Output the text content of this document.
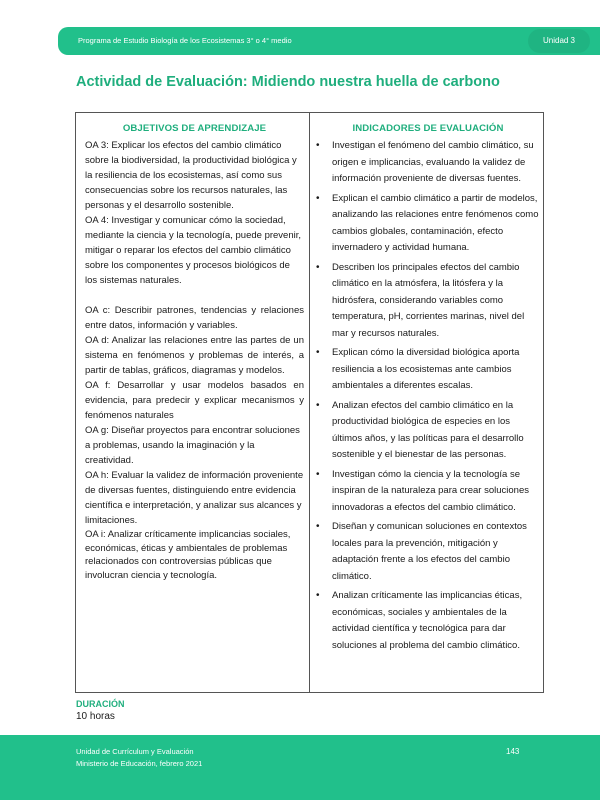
Programa de Estudio Biología de los Ecosistemas 3° o 4° medio	Unidad 3
Actividad de Evaluación: Midiendo nuestra huella de carbono
OBJETIVOS DE APRENDIZAJE

OA 3: Explicar los efectos del cambio climático sobre la biodiversidad, la productividad biológica y la resiliencia de los ecosistemas, así como sus consecuencias sobre los recursos naturales, las personas y el desarrollo sostenible.

OA 4: Investigar y comunicar cómo la sociedad, mediante la ciencia y la tecnología, puede prevenir, mitigar o reparar los efectos del cambio climático sobre los componentes y procesos biológicos de los sistemas naturales.

OA c: Describir patrones, tendencias y relaciones entre datos, información y variables.

OA d: Analizar las relaciones entre las partes de un sistema en fenómenos y problemas de interés, a partir de tablas, gráficos, diagramas y modelos.

OA f: Desarrollar y usar modelos basados en evidencia, para predecir y explicar mecanismos y fenómenos naturales

OA g: Diseñar proyectos para encontrar soluciones a problemas, usando la imaginación y la creatividad.

OA h: Evaluar la validez de información proveniente de diversas fuentes, distinguiendo entre evidencia científica e interpretación, y analizar sus alcances y limitaciones.

OA i: Analizar críticamente implicancias sociales, económicas, éticas y ambientales de problemas relacionados con controversias públicas que involucran ciencia y tecnología.

INDICADORES DE EVALUACIÓN
• Investigan el fenómeno del cambio climático, su origen e implicancias, evaluando la validez de información proveniente de diversas fuentes.
• Explican el cambio climático a partir de modelos, analizando las relaciones entre fenómenos como cambios globales, contaminación, efecto invernadero y actividad humana.
• Describen los principales efectos del cambio climático en la atmósfera, la litósfera y la hidrósfera, considerando variables como temperatura, pH, corrientes marinas, nivel del mar y recursos naturales.
• Explican cómo la diversidad biológica aporta resiliencia a los ecosistemas ante cambios ambientales a diferentes escalas.
• Analizan efectos del cambio climático en la productividad biológica de especies en los últimos años, y las políticas para el desarrollo sostenible y el bienestar de las personas.
• Investigan cómo la ciencia y la tecnología se inspiran de la naturaleza para crear soluciones innovadoras a efectos del cambio climático.
• Diseñan y comunican soluciones en contextos locales para la prevención, mitigación y adaptación frente a los efectos del cambio climático.
• Analizan críticamente las implicancias éticas, económicas, sociales y ambientales de la actividad científica y tecnológica para dar soluciones al problema del cambio climático.
DURACIÓN
10 horas
Unidad de Currículum y Evaluación
Ministerio de Educación, febrero 2021
143
